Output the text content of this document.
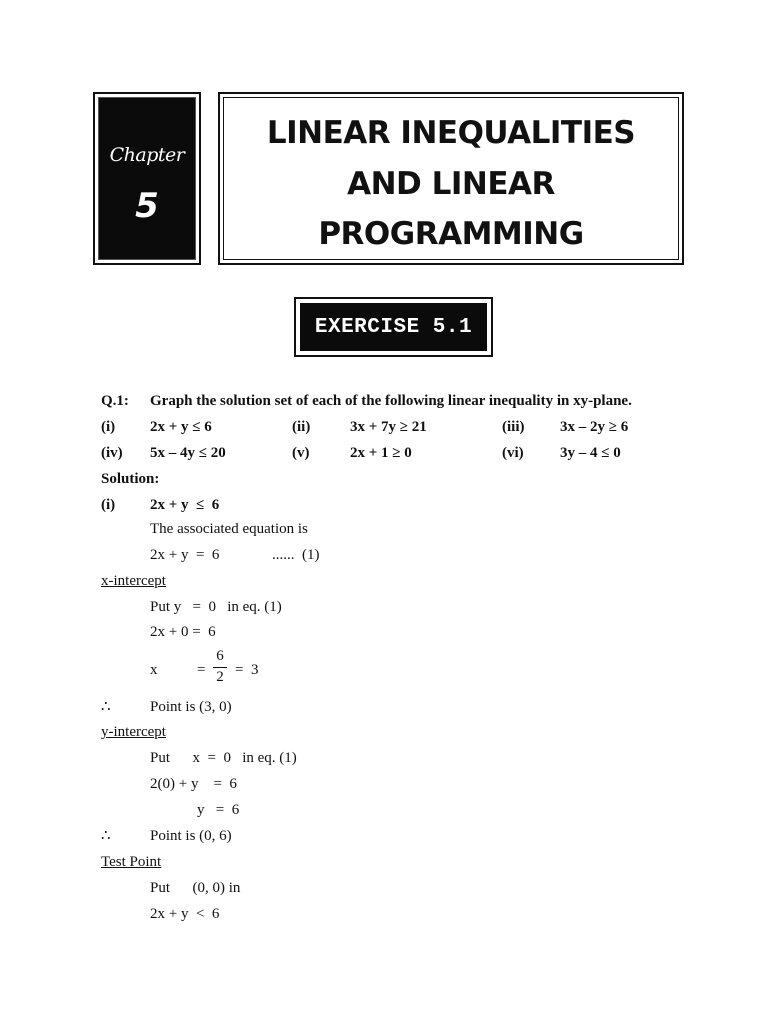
Chapter
5
LINEAR INEQUALITIES
AND LINEAR
PROGRAMMING
EXERCISE 5.1
Q.1: Graph the solution set of each of the following linear inequality in xy-plane.
(i) 2x + y ≤ 6	(ii)	3x + 7y ≥ 21	(iii) 3x – 2y ≥ 6
(iv) 5x – 4y ≤ 20	(v)	2x + 1 ≥ 0	(vi) 3y – 4 ≤ 0
Solution:
(i) 2x + y  ≤  6
The associated equation is
2x + y  =  6	......  (1)
x-intercept
Put y   =  0   in eq. (1)
2x + 0 =  6
x	=
6
2 =  3
∴	Point is (3, 0)
y-intercept
Put      x  =  0   in eq. (1)
2(0) + y    =  6
y   =  6
∴	Point is (0, 6)
Test Point
Put      (0, 0) in
2x + y  <  6
